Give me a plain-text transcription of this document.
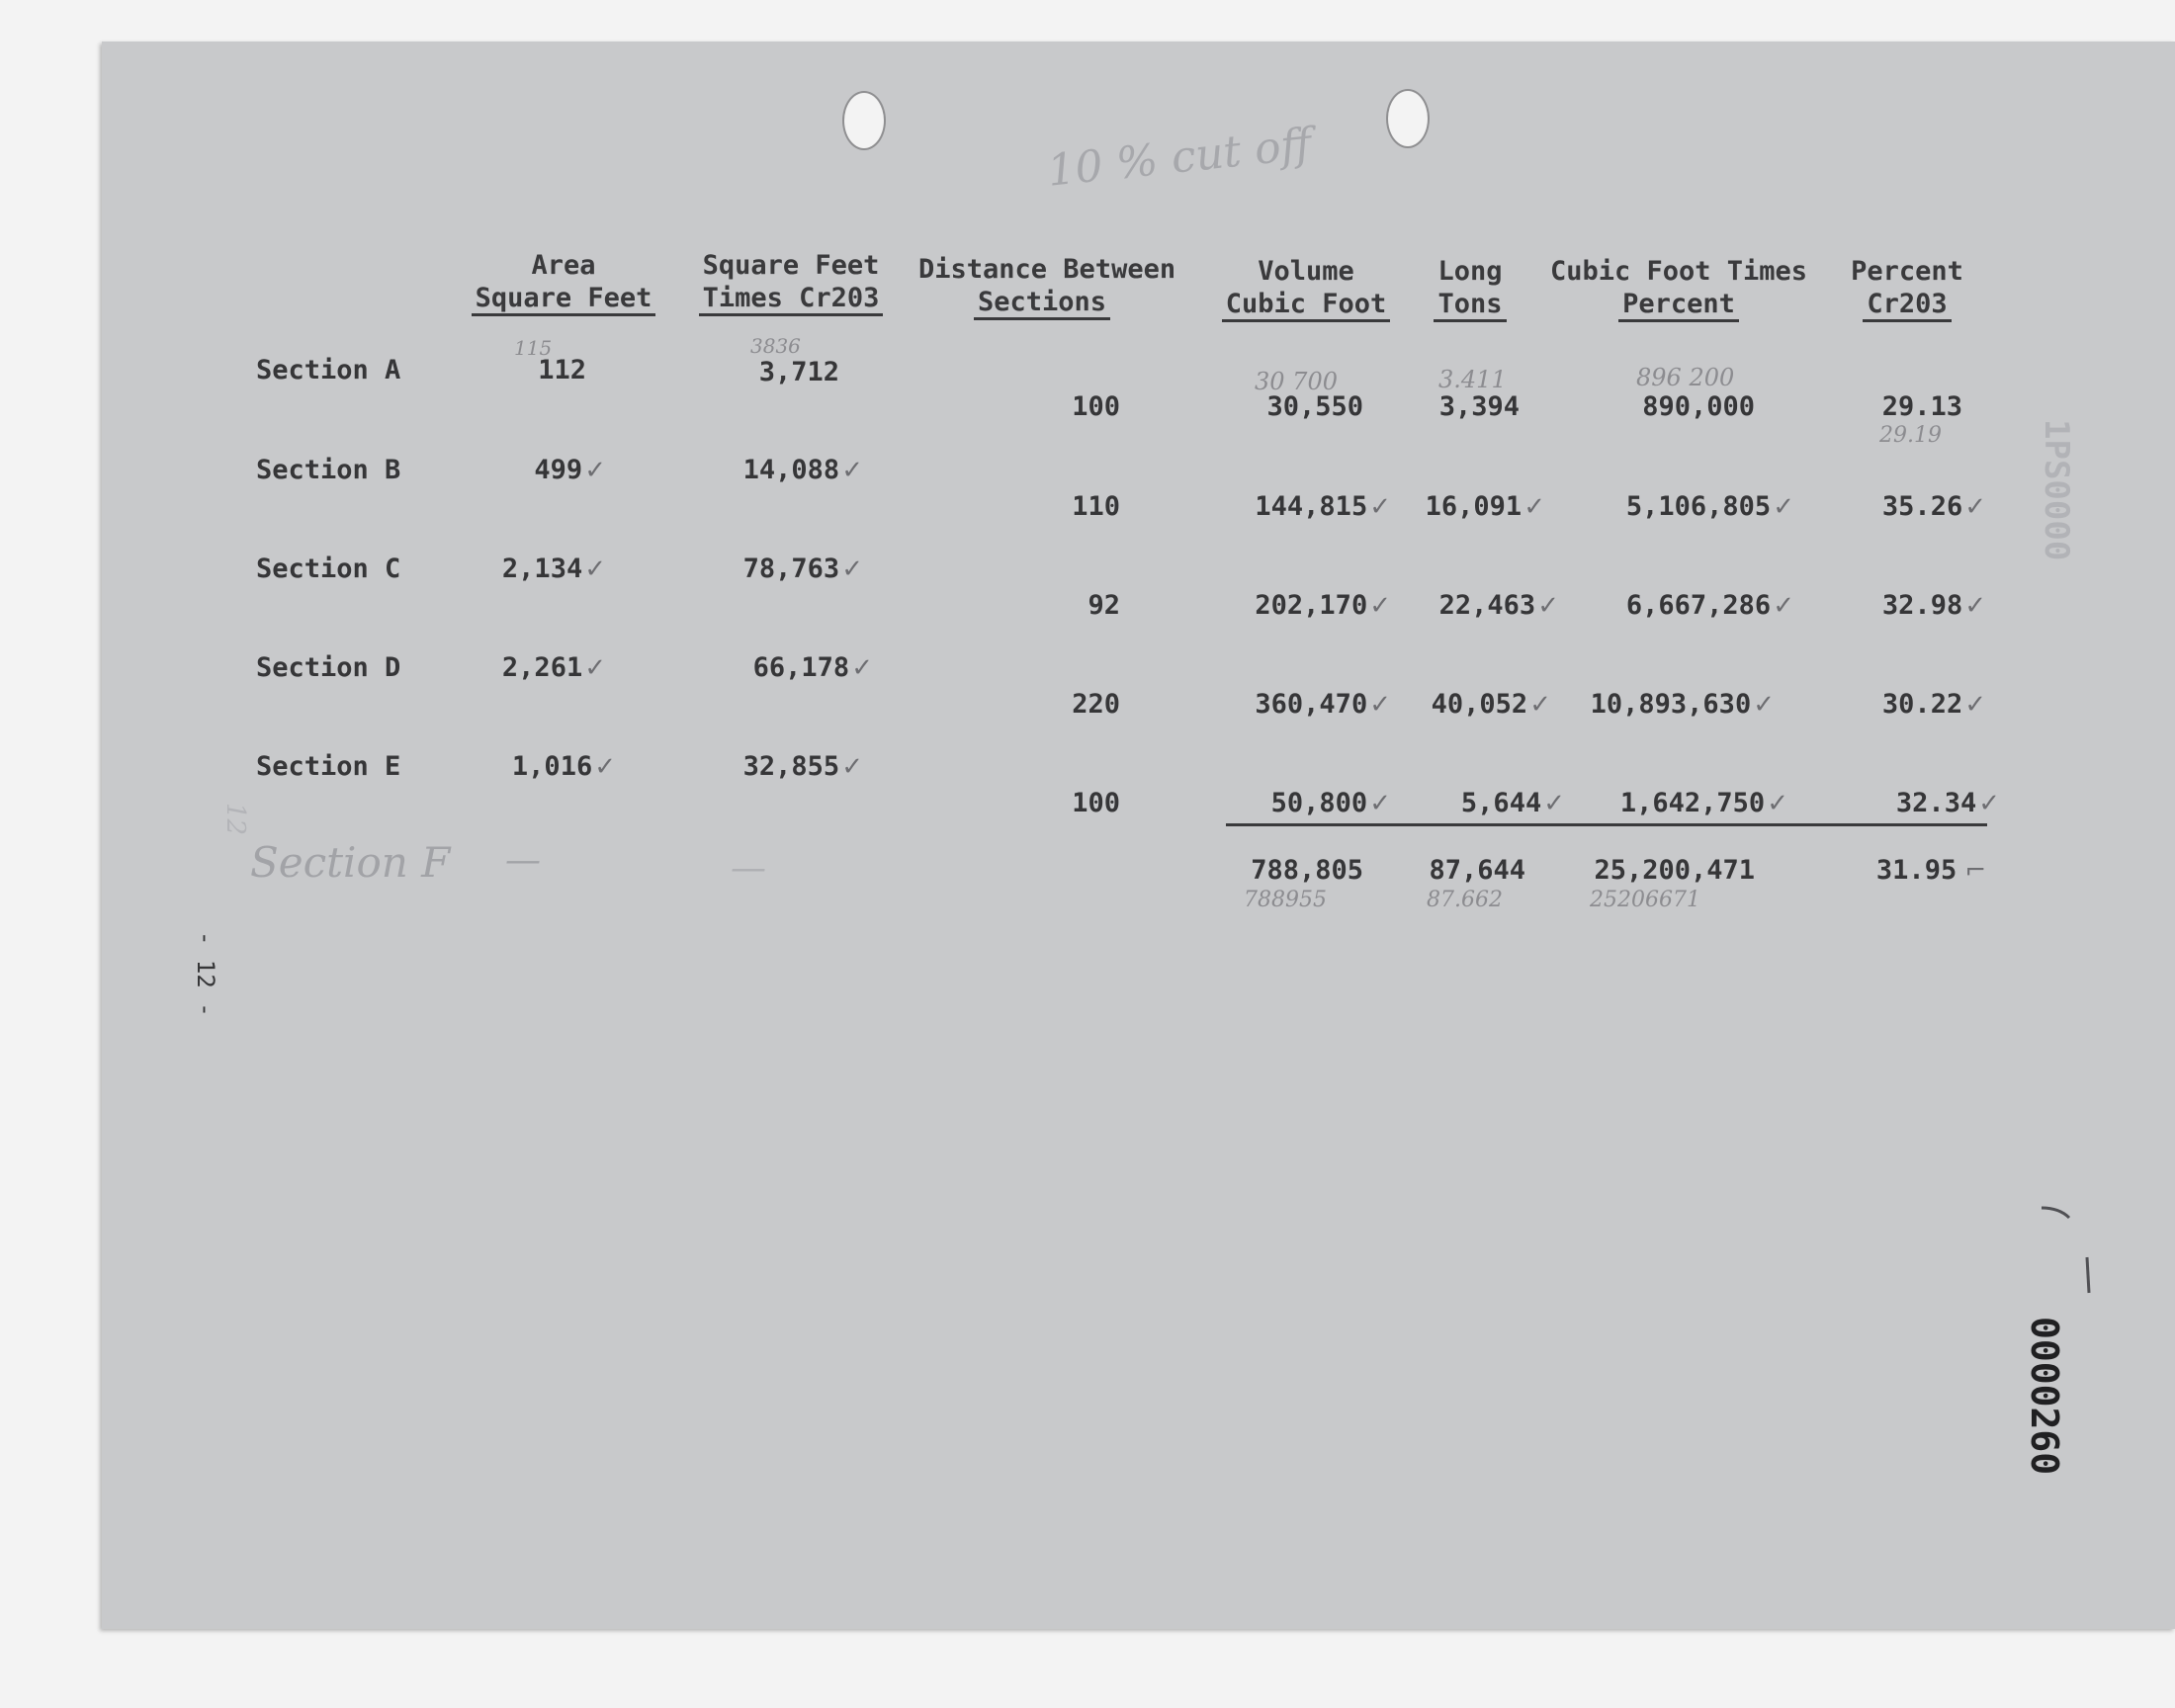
10 % cut off
Area
Square Feet
Square Feet
Times Cr203
Distance Between
Sections
Volume
Cubic Foot
Long
Tons
Cubic Foot Times
Percent
Percent
Cr203
Section A
Section B
Section C
Section D
Section E
115
112
499✓
2,134✓
2,261✓
1,016✓
3836
3,712
14,088✓
78,763✓
66,178✓
32,855✓
100
110
92
220
100
30 700
30,550
144,815✓
202,170✓
360,470✓
50,800✓
3.411
3,394
16,091✓
22,463✓
40,052✓
5,644✓
896 200
890,000
5,106,805✓
6,667,286✓
10,893,630✓
1,642,750✓
29.13
29.19
35.26✓
32.98✓
30.22✓
32.34✓
788,805
788955
87,644
87.662
25,200,471
25206671
31.95 ⌐
Section F —	—
- 12 -
12
1PS0000
0000260
